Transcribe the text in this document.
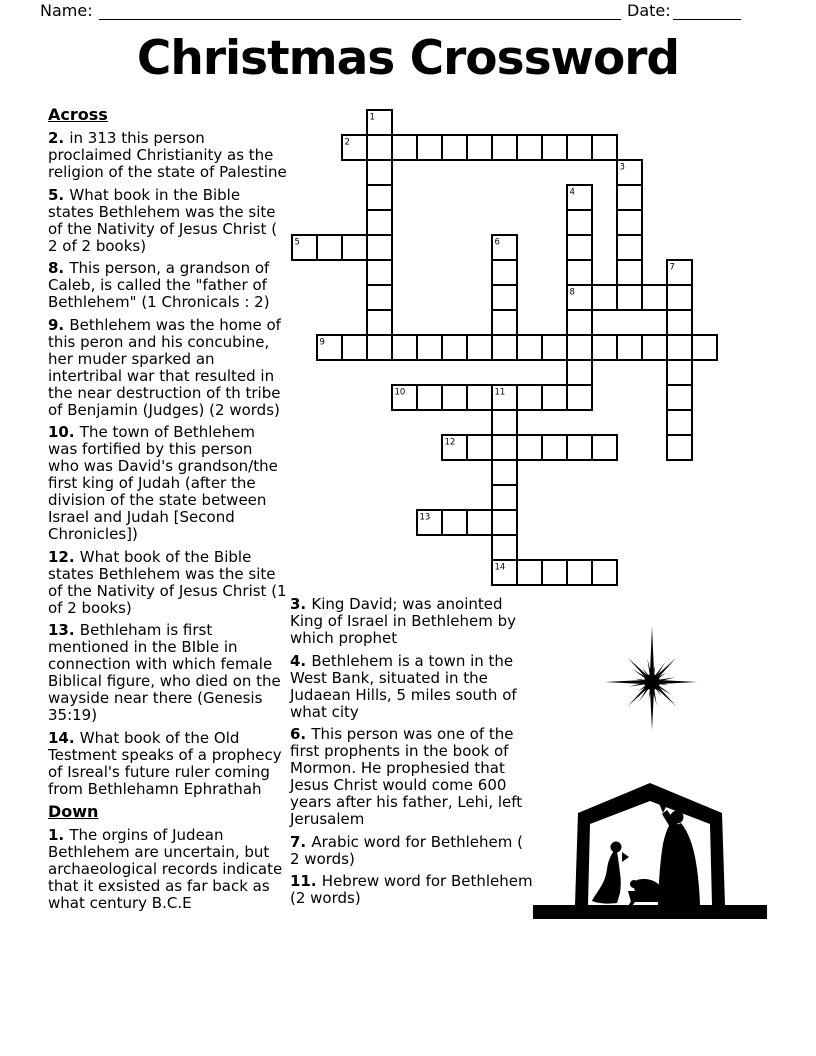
Name:	Date:
Christmas Crossword
2
5
8
9
10	11
12
13
14
1
3
4
6
7
Across

2. in 313 this person proclaimed Christianity as the religion of the state of Palestine

5. What book in the Bible states Bethlehem was the site of the Nativity of Jesus Christ ( 2 of 2 books)

8. This person, a grandson of Caleb, is called the "father of Bethlehem" (1 Chronicals : 2)

9. Bethlehem was the home of this peron and his concubine, her muder sparked an intertribal war that resulted in the near destruction of th tribe of Benjamin (Judges) (2 words)

10. The town of Bethlehem was fortified by this person who was David's grandson/the first king of Judah (after the division of the state between Israel and Judah [Second Chronicles])

12. What book of the Bible states Bethlehem was the site of the Nativity of Jesus Christ (1 of 2 books)

13. Bethleham is first mentioned in the BIble in connection with which female Biblical figure, who died on the wayside near there (Genesis 35:19)

14. What book of the Old Testment speaks of a prophecy of Isreal's future ruler coming from Bethlehamn Ephrathah

Down

1. The orgins of Judean Bethlehem are uncertain, but archaeological records indicate that it exsisted as far back as what century B.C.E

3. King David; was anointed King of Israel in Bethlehem by which prophet

4. Bethlehem is a town in the West Bank, situated in the Judaean Hills, 5 miles south of what city

6. This person was one of the first prophents in the book of Mormon. He prophesied that Jesus Christ would come 600 years after his father, Lehi, left Jerusalem

7. Arabic word for Bethlehem ( 2 words)

11. Hebrew word for Bethlehem (2 words)
